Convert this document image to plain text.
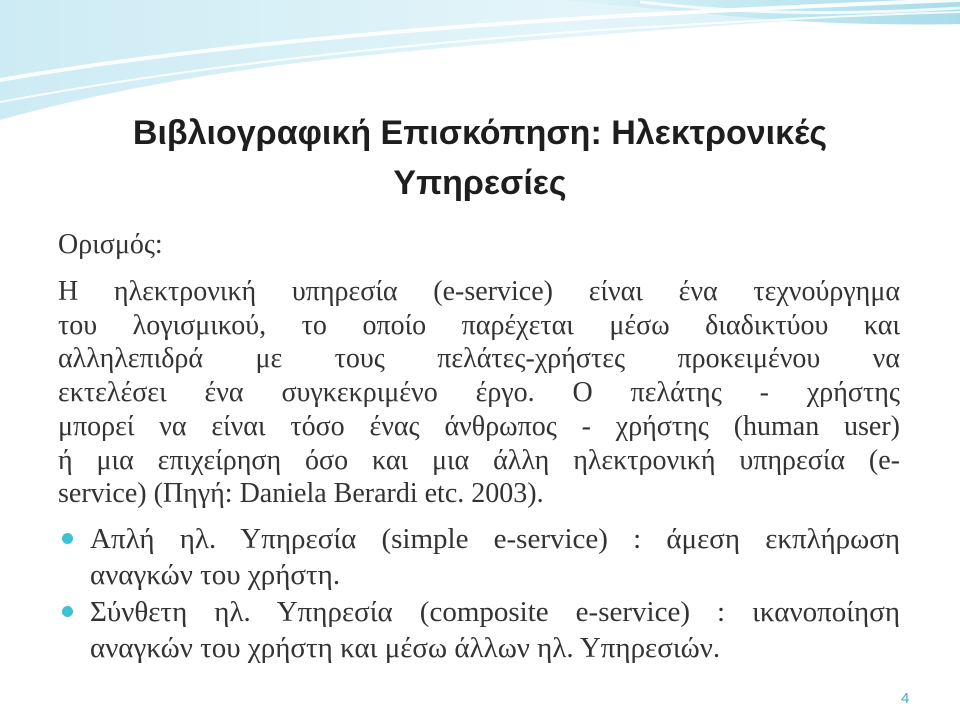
Βιβλιογραφική Επισκόπηση: Ηλεκτρονικές
Υπηρεσίες
Ορισμός:
Η ηλεκτρονική υπηρεσία (e-service) είναι ένα τεχνούργημα
του λογισμικού, το οποίο παρέχεται μέσω διαδικτύου και
αλληλεπιδρά με τους πελάτες-χρήστες προκειμένου να
εκτελέσει ένα συγκεκριμένο έργο. Ο πελάτης - χρήστης
μπορεί να είναι τόσο ένας άνθρωπος - χρήστης (human user)
ή μια επιχείρηση όσο και μια άλλη ηλεκτρονική υπηρεσία (e-
service) (Πηγή: Daniela Berardi etc. 2003).
Απλή ηλ. Υπηρεσία (simple e-service) : άμεση εκπλήρωση
αναγκών του χρήστη.
Σύνθετη ηλ. Υπηρεσία (composite e-service) : ικανοποίηση
αναγκών του χρήστη και μέσω άλλων ηλ. Υπηρεσιών.
4
